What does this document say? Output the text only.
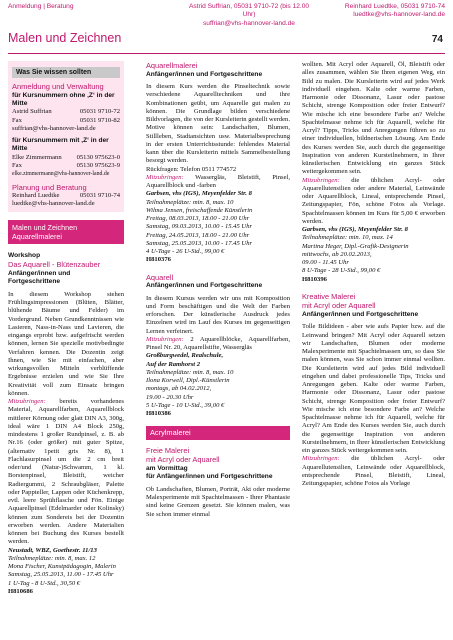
Anmeldung | Beratung	Astrid Suffrian, 05031 9710-72 (bis 12.00 Uhr)
suffrian@vhs-hannover-land.de
Reinhard Luedtke, 05031 9710-74
luedtke@vhs-hannover-land.de
Malen und Zeichnen	74
Was Sie wissen sollten
Anmeldung und Verwaltung
für Kursnummern ohne ‚Z‘ in der Mitte
Astrid Suffrian	05031 9710-72
Fax	05031 9710-82
suffrian@vhs-hannover-land.de
für Kursnummern mit ‚Z‘ in der Mitte
Elke Zimmermann 05130 975623-0
Fax	05130 975623-9
elke.zimmermann@vhs-hannover-land.de
Planung und Beratung
Reinhard Luedtke	05031 9710-74
luedtke@vhs-hannover-land.de
Malen und Zeichnen
Aquarellmalerei
Workshop
Das Aquarell - Blütenzauber
Anfänger/innen und Fortgeschrittene
In diesem Workshop stehen Frühlingsimpressionen (Blüten, Blätter, blühende Bäume und Felder) im Vordergrund. Neben Grundkenntnissen wie Lasieren, Nass-in-Nass und Lavieren, die eingangs erprobt bzw. aufgefrischt werden können, lernen Sie spezielle motivbedingte Verfahren kennen. Die Dozentin zeigt Ihnen, wie Sie mit einfachen, aber wirkungsvollen Mitteln verblüffende Ergebnisse erzielen und wie Sie Ihre Kreativität voll zum Einsatz bringen können.
Mitzubringen: bereits vorhandenes Material, Aquarellfarben, Aquarellblock mittlerer Körnung oder glatt DIN A3, 300g, ideal wäre 1 DIN A4 Block 250g, mindestens 1 großer Rundpinsel, z. B. ab Nr.16 (oder größer) mit guter Spitze, (alternativ 1petit gris Nr. 8), 1 Flachlasurpinsel um die 2 cm breit oder/und (Natur-)Schwamm, 1 kl. Borstenpinsel, Bleistift, weicher Radiergummi, 2 Schraubgläser, Palette oder Pappteller, Lappen oder Küchenkrepp, evtl. leere Sprühflasche und Fön. Einige Aquarellpinsel (Edelmarder oder Kolinsky) können zum Sondereis bei der Dozentin erworben werden. Andere Materialien können bei Buchung des Kurses bestellt werden.
Neustadt, WBZ, Goethestr. 11/13
Teilnahmeplätze: min. 8, max. 12
Mona Fischer, Kunstpädagogin, Malerin
Samstag, 25.05.2013, 11.00 - 17.45 Uhr
1 U-Tag - 8 U-Std., 30,50 €
H810686
Aquarellmalerei
Anfänger/innen und Fortgeschrittene
In diesem Kurs werden die Pinseltechnik sowie verschiedene Aquarelltechniken und ihre Kombinationen geübt, um Aquarelle gut malen zu können. Die Grundlage bilden verschiedene Bildvorlagen, die von der Kursleiterin gestellt werden. Motive können sein: Landschaften, Blumen, Stillleben, Stadtansichten usw. Materialbesprechung in der ersten Unterrichtsstunde: fehlendes Material kann über die Kursleiterin mittels Sammelbestellung besorgt werden.
Rückfragen: Telefon 0511 774572
Mitzubringen: Wassergläs, Bleistift, Pinsel, Aquarellblock und -farben
Garbsen, vhs (IGS), Meyenfelder Str. 8
Teilnahmeplätze: min. 8, max. 10
Wilma Jensen, freischaffende Künstlerin
Freitag, 08.03.2013, 18.00 - 21.00 Uhr
Samstag, 09.03.2013, 10.00 - 15.45 Uhr
Freitag, 24.05.2013, 18.00 - 21.00 Uhr
Samstag, 25.05.2013, 10.00 - 17.45 Uhr
4 U-Tage - 26 U-Std., 99,00 €
H810376
Aquarell
Anfänger/innen und Fortgeschrittene
In diesem Kursus werden wir uns mit Komposition und Form beschäftigen und die Welt der Farben erforschen. Der künstlerische Ausdruck jedes Einzelnen wird im Lauf des Kurses im gegenseitigen Lernen verfeinert.
Mitzubringen: 2 Aquarellblöcke, Aquarellfarben, Pinsel Nr. 20, Aquarellstifte, Wassergläs
Großburgwedel, Realschule,
Auf der Ramhorst 2
Teilnahmeplätze: min. 8, max. 10
Ilona Korwell, Dipl.-Künstlerin
montags, ab 04.02.2012,
19.00 - 20.30 Uhr
5 U-Tage - 10 U-Std., 39,00 €
H810386
Acrylmalerei
Freie Malerei
mit Acryl oder Aquarell
am Vormittag
für Anfänger/innen und Fortgeschrittene
Ob Landschaften, Blumen, Porträt, Akt oder moderne Malexperimente mit Spachtelmassen - Ihrer Phantasie sind keine Grenzen gesetzt. Sie können malen, was Sie schon immer einmal
wollten. Mit Acryl oder Aquarell, Öl, Bleistift oder alles zusammen, wählen Sie Ihren eigenen Weg, ein Bild zu malen. Die Kursleiterin wird auf jedes Werk individuell eingehen. Kalte oder warme Farben, Harmonie oder Dissonanz, Lasur oder pastose Schicht, strenge Komposition oder freier Entwurf? Wie mische ich eine besondere Farbe an? Welche Spachtelmasse nehme ich für Aquarell, welche für Acryl? Tipps, Tricks und Anregungen führen so zu einer individuellen, bildnerischen Lösung. Am Ende des Kurses werden Sie, auch durch die gegenseitige Inspiration von anderen Kursteilnehmern, in Ihrer künstlerischen Entwicklung ein ganzes Stück weitergekommen sein.
Mitzubringen: die üblichen Acryl- oder Aquarellutensilien oder andere Material, Leinwände oder Aquarellblock, Lineal, entsprechende Pinsel, Zeitungspapier, Fön, schöne Fotos als Vorlage. Spachtelmassen können im Kurs für 5,00 € erworben werden.
Garbsen, vhs (IGS), Meyenfelder Str. 8
Teilnahmeplätze: min. 10, max. 14
Martina Heger, Dipl.-Grafik-Designerin
mittwochs, ab 20.02.2013,
09.00 - 11.45 Uhr
8 U-Tage - 28 U-Std., 99,00 €
H810396
Kreative Malerei
mit Acryl oder Aquarell
Anfänger/innen und Fortgeschrittene
Tolle Bildideen - aber wie aufs Papier bzw. auf die Leinwand bringen? Mit Acryl oder Aquarell setzen wir Landschaften, Blumen oder moderne Malexperimente mit Spachtelmassen um, so dass Sie malen können, was Sie schon immer einmal wollten. Die Kursleiterin wird auf jedes Bild individuell eingehen und dabei professionelle Tips, Tricks und Anregungen geben. Kalte oder warme Farben, Harmonie oder Dissonanz, Lasur oder pastose Schicht, strenge Komposition oder freier Entwurf? Wie mische ich eine besondere Farbe an? Welche Spachtelmasse nehme ich für Aquarell, welche für Acryl? Am Ende des Kurses werden Sie, auch durch die gegenseitige Inspiration von anderen Kursteilnehmern, in Ihrer künstlerischen Entwicklung ein ganzes Stück weitergekommen sein.
Mitzubringen: die üblichen Acryl- oder Aquarellutensilien, Leinwände oder Aquarellblock, entsprechende Pinsel, Bleistift, Lineal, Zeitungspapier, schöne Fotos als Vorlage
